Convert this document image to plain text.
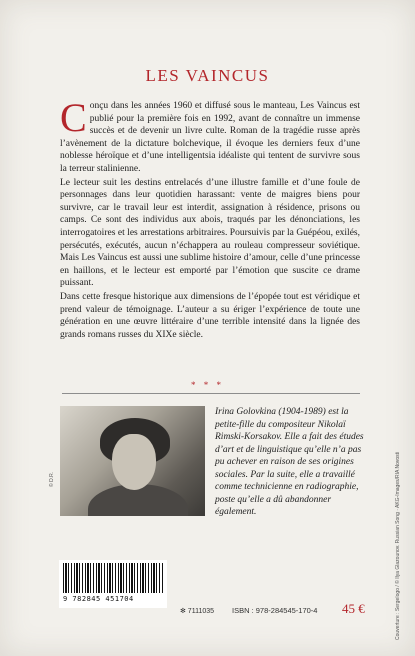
LES VAINCUS

Conçu dans les années 1960 et diffusé sous le manteau, Les Vaincus est publié pour la première fois en 1992, avant de connaître un immense succès et de devenir un livre culte. Roman de la tragédie russe après l’avènement de la dictature bolchevique, il évoque les derniers feux d’une noblesse héroïque et d’une intelligentsia idéaliste qui tentent de survivre sous la terreur stalinienne.

Le lecteur suit les destins entrelacés d’une illustre famille et d’une foule de personnages dans leur quotidien harassant: vente de maigres biens pour survivre, car le travail leur est interdit, assignation à résidence, prisons ou camps. Ce sont des individus aux abois, traqués par les dénonciations, les interrogatoires et les arrestations arbitraires. Poursuivis par la Guépéou, exilés, persécutés, exécutés, aucun n’échappera au rouleau compresseur soviétique. Mais Les Vaincus est aussi une sublime histoire d’amour, celle d’une princesse en haillons, et le lecteur est emporté par l’émotion que suscite ce drame puissant.

Dans cette fresque historique aux dimensions de l’épopée tout est véridique et prend valeur de témoignage. L’auteur a su ériger l’expérience de toute une génération en une œuvre littéraire d’une terrible intensité dans la lignée des grands romans russes du XIXe siècle.

* * *
© D.R.
Irina Golovkina (1904-1989) est la petite-fille du compositeur Nikolaï Rimski-Korsakov. Elle a fait des études d’art et de linguistique qu’elle n’a pas pu achever en raison de ses origines sociales. Par la suite, elle a travaillé comme technicienne en radiographie, poste qu’elle a dû abandonner également.
9 782845 451704
✻ 7111035 ISBN : 978-284545-170-4 45 €	Couverture : Sergeïogo / © Ilya Glazounov. Russian Song · AKG-Images/RIA Novosti
